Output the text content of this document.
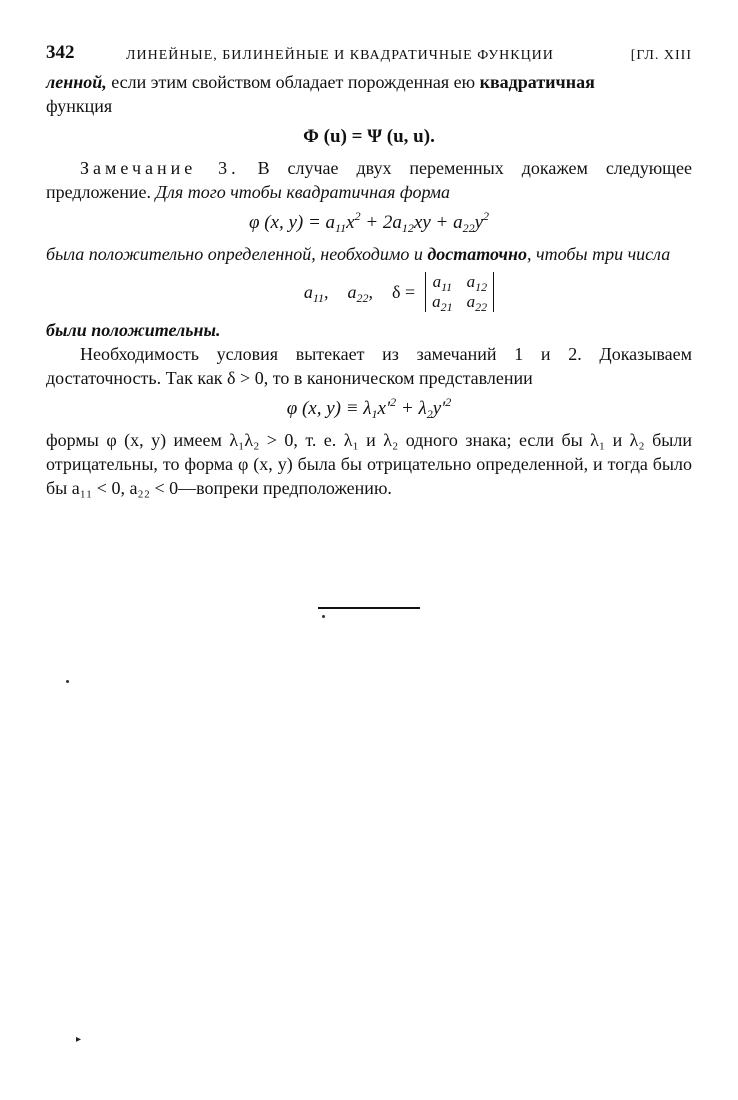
342	ЛИНЕЙНЫЕ, БИЛИНЕЙНЫЕ И КВАДРАТИЧНЫЕ ФУНКЦИИ	[ГЛ. XIII

ленной, если этим свойством обладает порожденная ею квадратичная
функция

Φ (u) = Ψ (u, u).

Замечание 3. В случае двух переменных докажем следующее предложение. Для того чтобы квадратичная форма

φ (x, $y) = a_{11}x^2 + 2a_{12}xy + a_{22}y^2$

была положительно определенной, необходимо и достаточно, чтобы три числа

$a_{11}$, $a_{22}$, $\delta = a_{11}$ $a_{12}$
$a_{21}$ $a_{22}$

были положительны.

Необходимость условия вытекает из замечаний 1 и 2. Доказываем достаточность. Так как δ > 0, то в каноническом представлении

φ (x, $y) \equiv \lambda_1x'^2 + \lambda_2y'^2$

формы φ (x, y) имеем λ₁λ₂ > 0, т. е. λ₁ и λ₂ одного знака; если бы λ₁ и λ₂ были отрицательны, то форма φ (x, y) была бы отрицательно определенной, и тогда было бы a₁₁ < 0, a₂₂ < 0—вопреки предположению.

▸
